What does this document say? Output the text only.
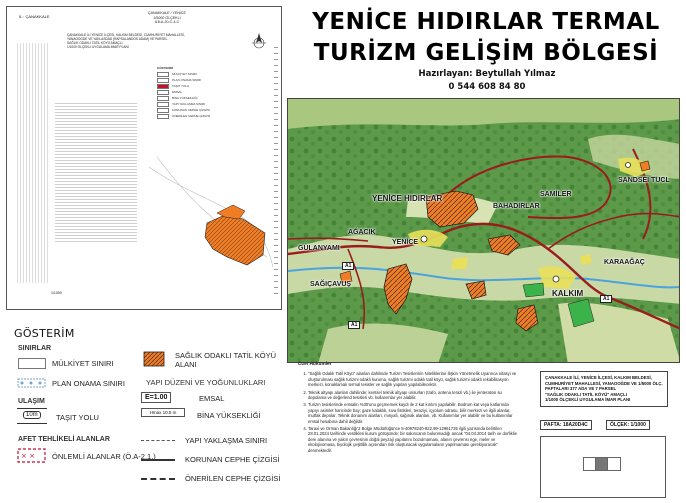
İL : ÇANAKKALE
ÇANAKKALE / YENİCE
1/5000 ÖLÇEKLİ
İ18-A-20-C-4-C
ÇANAKKALE İLİ YENİCE İLÇESİ, KALKIM BELDESİ, CUMHURİYET MAHALLESİ,
YANAOOGDE VE YAKLASDAD (RAPSALANDOS ADAM) VE PARSEL
SAĞLIK ODAKLI TATİL KÖYÜ AMAÇLI
1/1000 ÖLÇEKLİ UYGULAMA İMAR PLANI
GÖSTERİM
MÜLKİYET SINIRI
PLAN ONAMA SINIRI
TAŞIT YOLU
EMSAL
BİNA YÜKSEKLİĞİ
YAPI YAKLAŞMA SINIRI
KORUNAN CEPHE ÇİZGİSİ
ÖNERİLEN CEPHE ÇİZGİSİ
1/1000
GÖSTERİM
SINIRLAR
MÜLKİYET SINIRI
PLAN ONAMA SINIRI
ULAŞIM
10m	TAŞIT YOLU
AFET TEHLİKELİ ALANLAR
× × ÖNLEMLİ ALANLAR (Ö.A-2.1.)
SAĞLIK ODAKLI TATİL KÖYÜ ALANI
YAPI DÜZENİ VE YOĞUNLUKLARI
E=1.00	EMSAL
Hmax 10.5 m	BİNA YÜKSEKLİĞİ
YAPI YAKLAŞMA SINIRI
KORUNAN CEPHE ÇİZGİSİ
ÖNERİLEN CEPHE ÇİZGİSİ
YENİCE HIDIRLAR TERMAL
TURİZM GELİŞİM BÖLGESİ
Hazırlayan: Beytullah Yılmaz
0 544 608 84 80
YENİCE HIDIRLAR
YENİCE
KALKIM
GÜLANYAMI
AĞACIK
SAĞIÇAVUŞ
KARAAĞAÇ
SAMİLER
BAHADIRLAR
SANDSEI TUCL
A1
A1
A1
Özel Hükümler
1. "Sağlık Odaklı Tatil Köyü" alanları dahilinde Turizm Tesislerinin Niteliklerine İlişkin Yönetmelik Uyarınca nitasyi ve oluşturulması sağlık turizmi odaklı kuruma, sağlık turizmi odaklı tatil köyü, sağlık turizmi odaklı rekabilitasyon merkezi, konaklamalı termal tesisler ve sağlık yapıları yapılabilecektir.
2. Teknik altyapı alanları dahilinde; kentsel teknik altyapı unsurları (trafo, antena terazi vb.) ile jenteratosi su depolama ve değerlend tesisleri vb. kullanımlar yer alabilir.
3. Turizm tesislerinde emsalin %30'unu geçmemek kaydı ile 2 kat kırılım yapılabilir. Bodrum kat veya katlarında yapıyı asimlet haricinde bay; gaze kalaklık, sıva fistisleri, teraziyi, içyolum odrasu, bilir merkezi ve ilgili alanlar, mutfak depolar. Teknik donanım alanları, mısyafi, sağınak alanları, vb. Kullanımlar yer alabilir ve bu kullanımlar emsal hesabına dahil değildir.
4. Taraxi ve Orman Bakanlığı'2 Bolge Müdürlüğünce 5-40978240-822.99-12961735 ilgili yazısında belirtilen 28.01.2024 tarihinde verdikleri kurum görüşünde; bir sakıncanın bulunmadığı ancak "04.04.2014 tarih ve dorfiklie dere alanına ve yakın çevresinin doğal peyzaji yapılarını bozulmaması, alanın çevrensı ege, meler ve ekolojivomasa, biyolojik çeşitlilik açısından risk oluşturacak uygulamaların yapılmaması gerekiyuracak" denmektedir.
ÇANAKKALE İLİ, YENİCE İLÇESİ, KALKIM BELDESİ,
CUMHURİYET MAHALLESİ, YANAOOĞDE VE 1/5000 ÖLÇ.
PAFTALARI 377 ADA VE 7 PARSEL
"SAĞLIK ODAKLI TATİL KÖYÜ" AMAÇLI
1/1000 ÖLÇEKLİ UYGULAMA İMAR PLANI
PAFTA: 18A20D4C	ÖLÇEK: 1/1000
